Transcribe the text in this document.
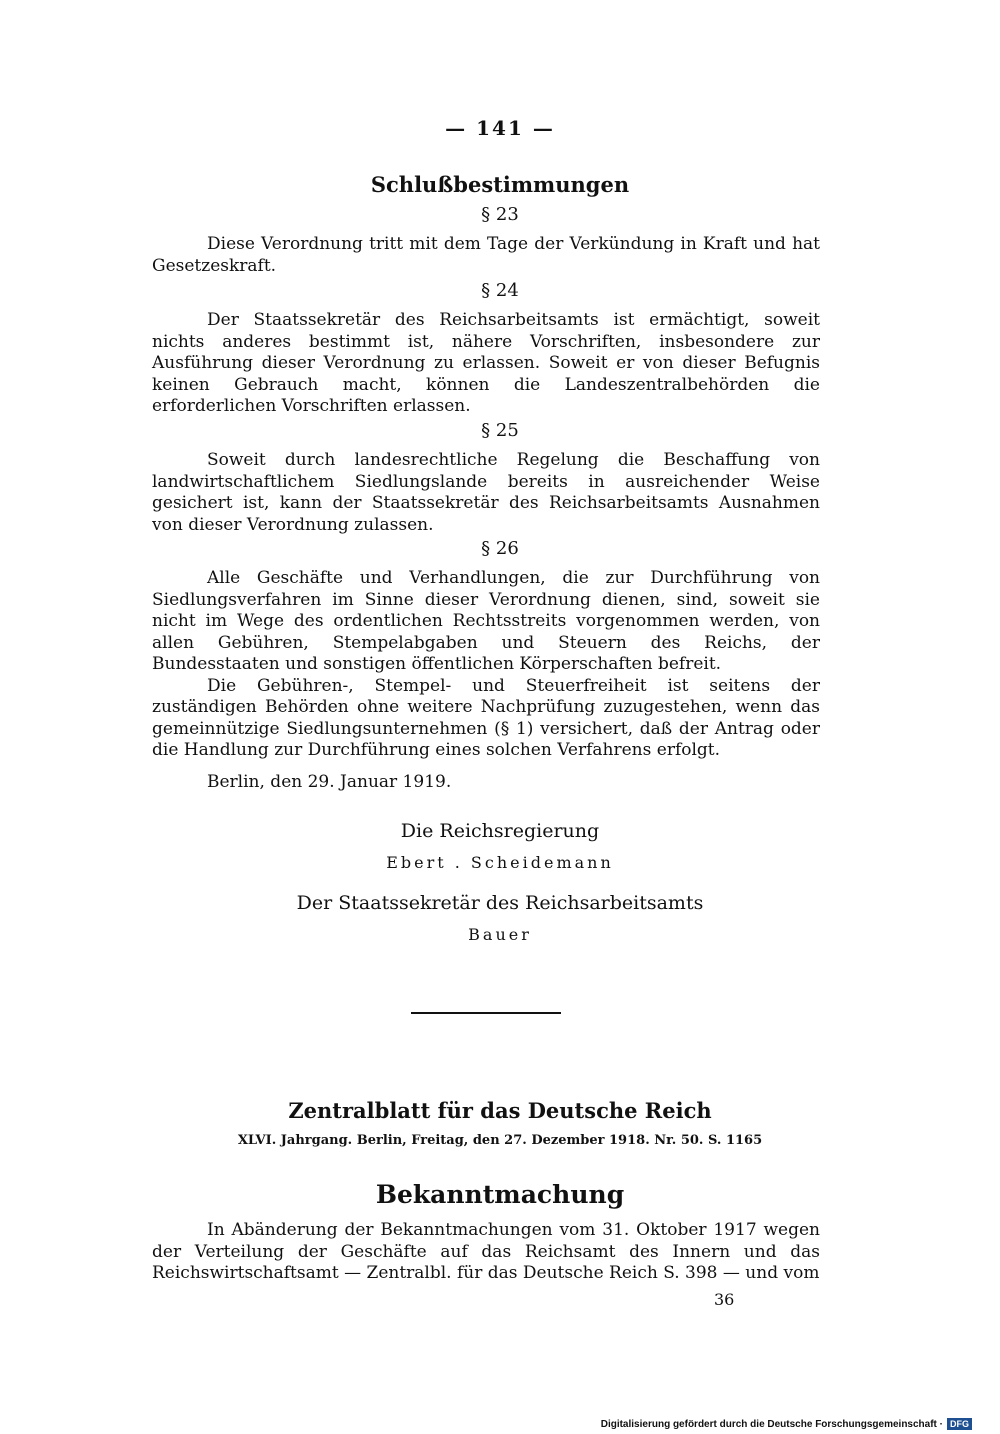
— 141 —
Schlußbestimmungen
§ 23

Diese Verordnung tritt mit dem Tage der Verkündung in Kraft und hat Gesetzeskraft.

§ 24

Der Staatssekretär des Reichsarbeitsamts ist ermächtigt, soweit nichts anderes bestimmt ist, nähere Vorschriften, insbesondere zur Ausführung dieser Verordnung zu erlassen. Soweit er von dieser Befugnis keinen Gebrauch macht, können die Landeszentralbehörden die erforderlichen Vorschriften erlassen.

§ 25

Soweit durch landesrechtliche Regelung die Beschaffung von landwirtschaftlichem Siedlungslande bereits in ausreichender Weise gesichert ist, kann der Staatssekretär des Reichsarbeitsamts Ausnahmen von dieser Verordnung zulassen.

§ 26

Alle Geschäfte und Verhandlungen, die zur Durchführung von Siedlungsverfahren im Sinne dieser Verordnung dienen, sind, soweit sie nicht im Wege des ordentlichen Rechtsstreits vorgenommen werden, von allen Gebühren, Stempelabgaben und Steuern des Reichs, der Bundesstaaten und sonstigen öffentlichen Körperschaften befreit.

Die Gebühren-, Stempel- und Steuerfreiheit ist seitens der zuständigen Behörden ohne weitere Nachprüfung zuzugestehen, wenn das gemeinnützige Siedlungsunternehmen (§ 1) versichert, daß der Antrag oder die Handlung zur Durchführung eines solchen Verfahrens erfolgt.

Berlin, den 29. Januar 1919.
Die Reichsregierung
Ebert . Scheidemann
Der Staatssekretär des Reichsarbeitsamts
Bauer
Zentralblatt für das Deutsche Reich
XLVI. Jahrgang. Berlin, Freitag, den 27. Dezember 1918. Nr. 50. S. 1165
Bekanntmachung

In Abänderung der Bekanntmachungen vom 31. Oktober 1917 wegen der Verteilung der Geschäfte auf das Reichsamt des Innern und das Reichswirtschaftsamt — Zentralbl. für das Deutsche Reich S. 398 — und vom

36
Digitalisierung gefördert durch die Deutsche Forschungsgemeinschaft · DFG
